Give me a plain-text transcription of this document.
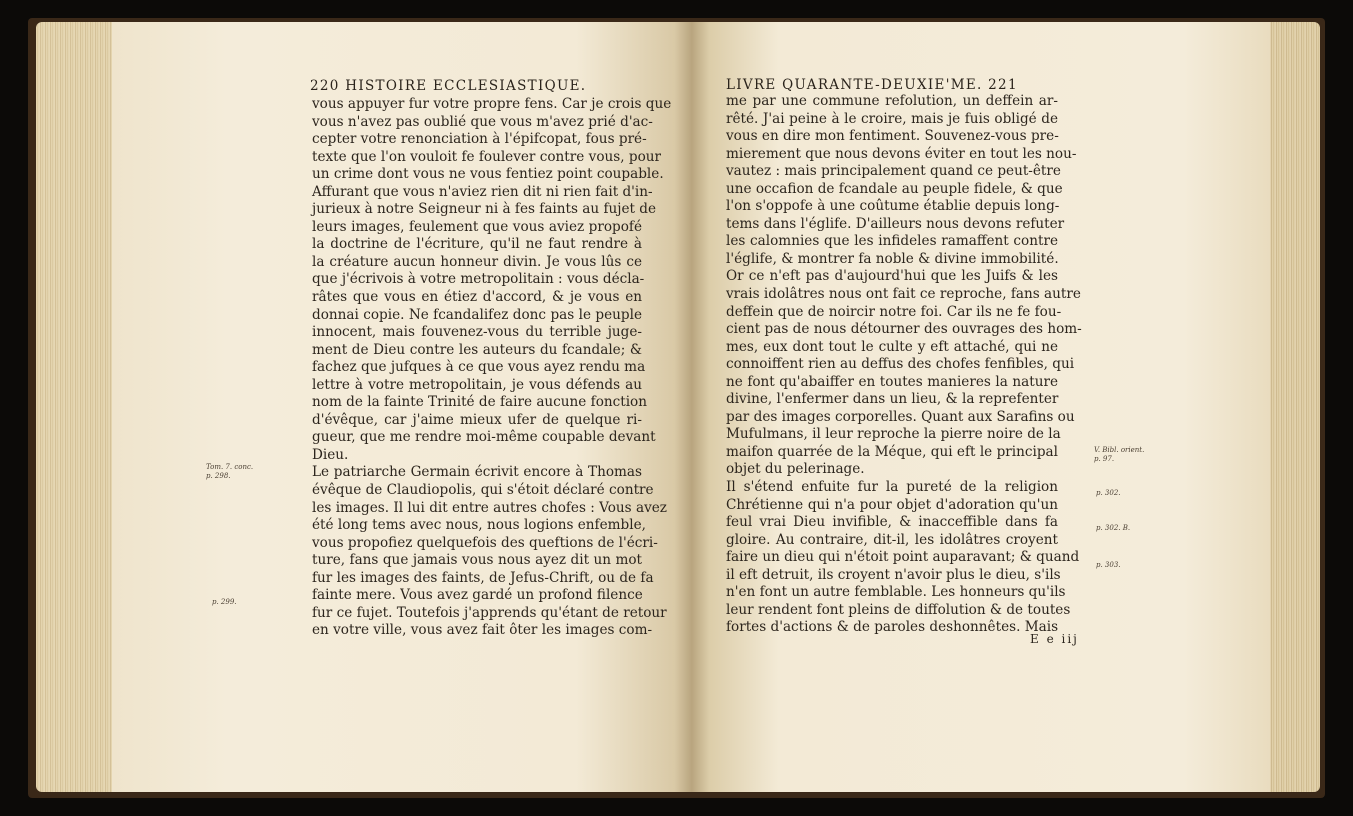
220 HISTOIRE ECCLESIASTIQUE.
vous appuyer fur votre propre fens. Car je crois que
vous n'avez pas oublié que vous m'avez prié d'ac-
cepter votre renonciation à l'épifcopat, fous pré-
texte que l'on vouloit fe foulever contre vous, pour
un crime dont vous ne vous fentiez point coupable.
Affurant que vous n'aviez rien dit ni rien fait d'in-
jurieux à notre Seigneur ni à fes faints au fujet de
leurs images, feulement que vous aviez propofé
la doctrine de l'écriture, qu'il ne faut rendre à
la créature aucun honneur divin. Je vous lûs ce
que j'écrivois à votre metropolitain : vous décla-
râtes que vous en étiez d'accord, & je vous en
donnai copie. Ne fcandalifez donc pas le peuple
innocent, mais fouvenez-vous du terrible juge-
ment de Dieu contre les auteurs du fcandale; &
fachez que jufques à ce que vous ayez rendu ma
lettre à votre metropolitain, je vous défends au
nom de la fainte Trinité de faire aucune fonction
d'évêque, car j'aime mieux ufer de quelque ri-
gueur, que me rendre moi-même coupable devant
Dieu.
Le patriarche Germain écrivit encore à Thomas
évêque de Claudiopolis, qui s'étoit déclaré contre
les images. Il lui dit entre autres chofes : Vous avez
été long tems avec nous, nous logions enfemble,
vous propofiez quelquefois des queftions de l'écri-
ture, fans que jamais vous nous ayez dit un mot
fur les images des faints, de Jefus-Chrift, ou de fa
fainte mere. Vous avez gardé un profond filence
fur ce fujet. Toutefois j'apprends qu'étant de retour
en votre ville, vous avez fait ôter les images com-
Tom. 7. conc.
p. 298.
p. 299.
LIVRE QUARANTE-DEUXIE'ME. 221
me par une commune refolution, un deffein ar-
rêté. J'ai peine à le croire, mais je fuis obligé de
vous en dire mon fentiment. Souvenez-vous pre-
mierement que nous devons éviter en tout les nou-
vautez : mais principalement quand ce peut-être
une occafion de fcandale au peuple fidele, & que
l'on s'oppofe à une coûtume établie depuis long-
tems dans l'églife. D'ailleurs nous devons refuter
les calomnies que les infideles ramaffent contre
l'églife, & montrer fa noble & divine immobilité.
Or ce n'eft pas d'aujourd'hui que les Juifs & les
vrais idolâtres nous ont fait ce reproche, fans autre
deffein que de noircir notre foi. Car ils ne fe fou-
cient pas de nous détourner des ouvrages des hom-
mes, eux dont tout le culte y eft attaché, qui ne
connoiffent rien au deffus des chofes fenfibles, qui
ne font qu'abaiffer en toutes manieres la nature
divine, l'enfermer dans un lieu, & la reprefenter
par des images corporelles. Quant aux Sarafins ou
Mufulmans, il leur reproche la pierre noire de la
maifon quarrée de la Méque, qui eft le principal
objet du pelerinage.
Il s'étend enfuite fur la pureté de la religion
Chrétienne qui n'a pour objet d'adoration qu'un
feul vrai Dieu invifible, & inacceffible dans fa
gloire. Au contraire, dit-il, les idolâtres croyent
faire un dieu qui n'étoit point auparavant; & quand
il eft detruit, ils croyent n'avoir plus le dieu, s'ils
n'en font un autre femblable. Les honneurs qu'ils
leur rendent font pleins de diffolution & de toutes
fortes d'actions & de paroles deshonnêtes. Mais
V. Bibl. orient.
p. 97.
p. 302.
p. 302. B.
p. 303.
E e iij
